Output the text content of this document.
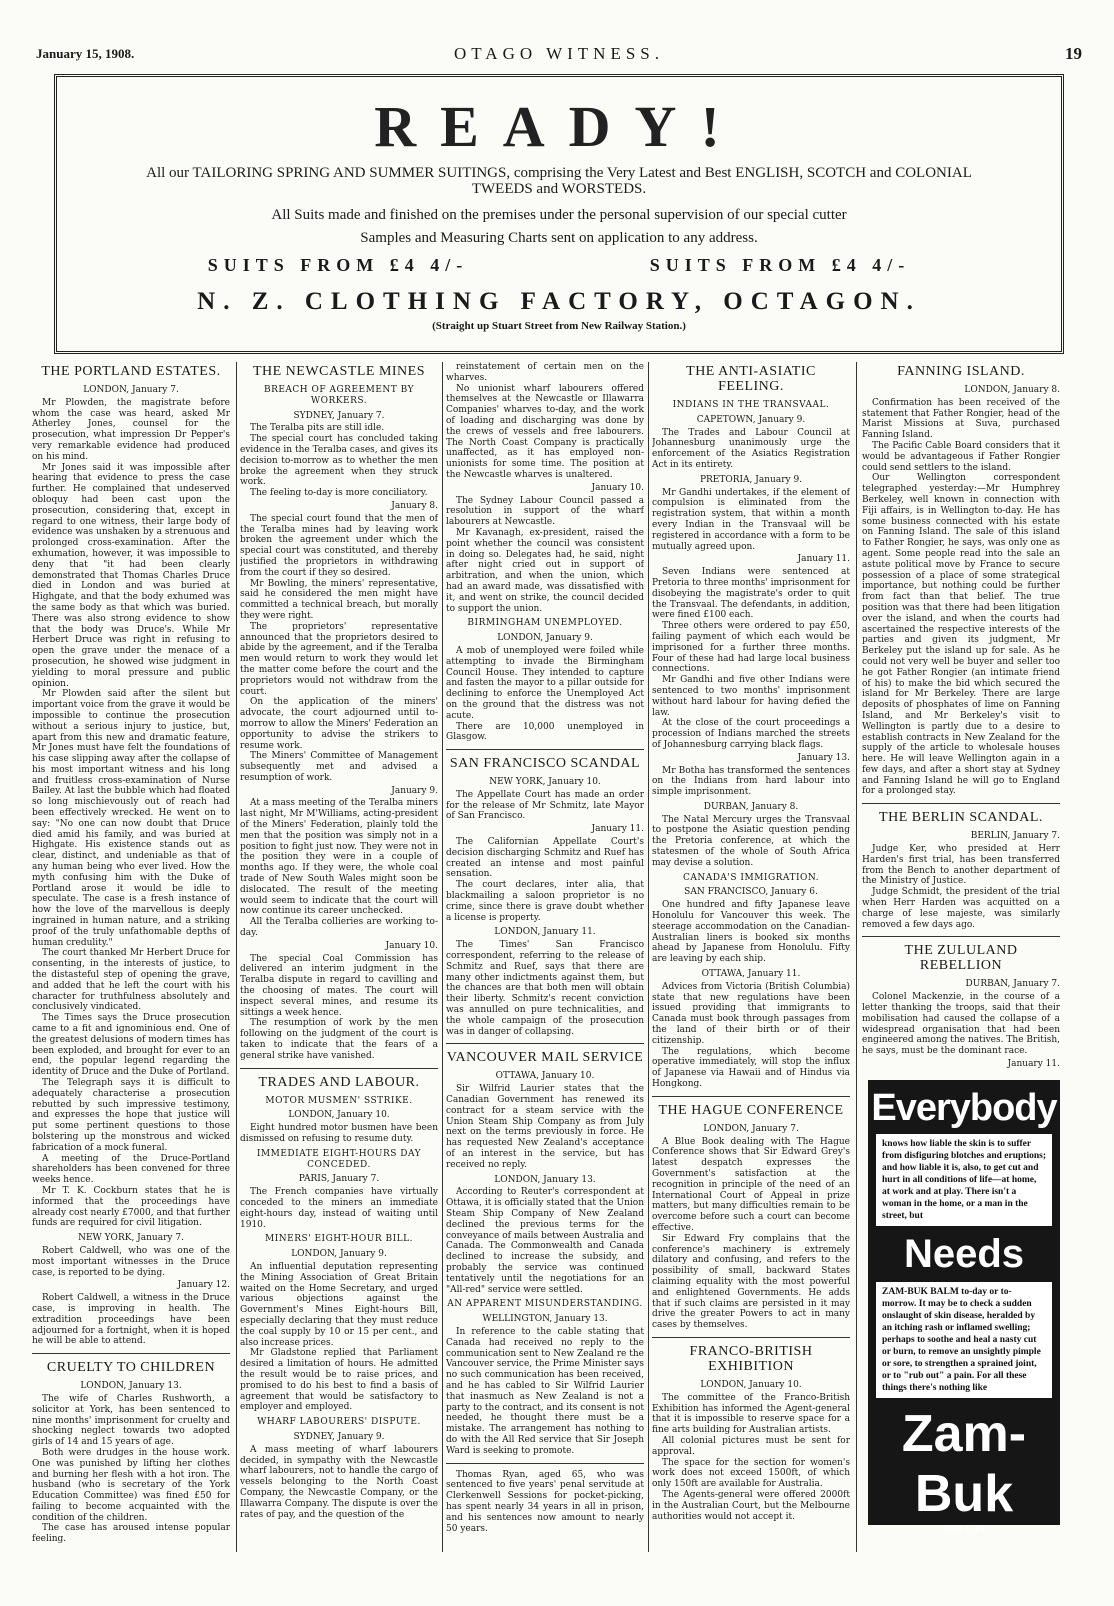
January 15, 1908.	OTAGO WITNESS.	19
READY!
All our TAILORING SPRING AND SUMMER SUITINGS, comprising the Very Latest and Best ENGLISH, SCOTCH and COLONIAL TWEEDS and WORSTEDS.
All Suits made and finished on the premises under the personal supervision of our special cutter
Samples and Measuring Charts sent on application to any address.
SUITS FROM £4 4/-	SUITS FROM £4 4/-
N. Z. CLOTHING FACTORY, OCTAGON.
(Straight up Stuart Street from New Railway Station.)
THE PORTLAND ESTATES.
LONDON, January 7.

Mr Plowden, the magistrate before whom the case was heard, asked Mr Atherley Jones, counsel for the prosecution, what impression Dr Pepper's very remarkable evidence had produced on his mind.

Mr Jones said it was impossible after hearing that evidence to press the case further. He complained that undeserved obloquy had been cast upon the prosecution, considering that, except in regard to one witness, their large body of evidence was unshaken by a strenuous and prolonged cross-examination. After the exhumation, however, it was impossible to deny that "it had been clearly demonstrated that Thomas Charles Druce died in London and was buried at Highgate, and that the body exhumed was the same body as that which was buried. There was also strong evidence to show that the body was Druce's. While Mr Herbert Druce was right in refusing to open the grave under the menace of a prosecution, he showed wise judgment in yielding to moral pressure and public opinion.

Mr Plowden said after the silent but important voice from the grave it would be impossible to continue the prosecution without a serious injury to justice, but, apart from this new and dramatic feature, Mr Jones must have felt the foundations of his case slipping away after the collapse of his most important witness and his long and fruitless cross-examination of Nurse Bailey. At last the bubble which had floated so long mischievously out of reach had been effectively wrecked. He went on to say: "No one can now doubt that Druce died amid his family, and was buried at Highgate. His existence stands out as clear, distinct, and undeniable as that of any human being who ever lived. How the myth confusing him with the Duke of Portland arose it would be idle to speculate. The case is a fresh instance of how the love of the marvellous is deeply ingrained in human nature, and a striking proof of the truly unfathomable depths of human credulity."

The court thanked Mr Herbert Druce for consenting, in the interests of justice, to the distasteful step of opening the grave, and added that he left the court with his character for truthfulness absolutely and conclusively vindicated.

The Times says the Druce prosecution came to a fit and ignominious end. One of the greatest delusions of modern times has been exploded, and brought for ever to an end, the popular legend regarding the identity of Druce and the Duke of Portland.

The Telegraph says it is difficult to adequately characterise a prosecution rebutted by such impressive testimony, and expresses the hope that justice will put some pertinent questions to those bolstering up the monstrous and wicked fabrication of a mock funeral.

A meeting of the Druce-Portland shareholders has been convened for three weeks hence.

Mr T. K. Cockburn states that he is informed that the proceedings have already cost nearly £7000, and that further funds are required for civil litigation.

NEW YORK, January 7.

Robert Caldwell, who was one of the most important witnesses in the Druce case, is reported to be dying.

January 12.

Robert Caldwell, a witness in the Druce case, is improving in health. The extradition proceedings have been adjourned for a fortnight, when it is hoped he will be able to attend.

CRUELTY TO CHILDREN
LONDON, January 13.

The wife of Charles Rushworth, a solicitor at York, has been sentenced to nine months' imprisonment for cruelty and shocking neglect towards two adopted girls of 14 and 15 years of age.

Both were drudges in the house work. One was punished by lifting her clothes and burning her flesh with a hot iron. The husband (who is secretary of the York Education Committee) was fined £50 for failing to become acquainted with the condition of the children.

The case has aroused intense popular feeling.

THE NEWCASTLE MINES
BREACH OF AGREEMENT BY WORKERS.
SYDNEY, January 7.

The Teralba pits are still idle.

The special court has concluded taking evidence in the Teralba cases, and gives its decision to-morrow as to whether the men broke the agreement when they struck work.

The feeling to-day is more conciliatory.

January 8.

The special court found that the men of the Teralba mines had by leaving work broken the agreement under which the special court was constituted, and thereby justified the proprietors in withdrawing from the court if they so desired.

Mr Bowling, the miners' representative, said he considered the men might have committed a technical breach, but morally they were right.

The proprietors' representative announced that the proprietors desired to abide by the agreement, and if the Teralba men would return to work they would let the matter come before the court and the proprietors would not withdraw from the court.

On the application of the miners' advocate, the court adjourned until to-morrow to allow the Miners' Federation an opportunity to advise the strikers to resume work.

The Miners' Committee of Management subsequently met and advised a resumption of work.

January 9.

At a mass meeting of the Teralba miners last night, Mr M'Williams, acting-president of the Miners' Federation, plainly told the men that the position was simply not in a position to fight just now. They were not in the position they were in a couple of months ago. If they were, the whole coal trade of New South Wales might soon be dislocated. The result of the meeting would seem to indicate that the court will now continue its career unchecked.

All the Teralba collieries are working to-day.

January 10.

The special Coal Commission has delivered an interim judgment in the Teralba dispute in regard to cavilling and the choosing of mates. The court will inspect several mines, and resume its sittings a week hence.

The resumption of work by the men following on the judgment of the court is taken to indicate that the fears of a general strike have vanished.

TRADES AND LABOUR.
MOTOR MUSMEN' SSTRIKE.
LONDON, January 10.

Eight hundred motor busmen have been dismissed on refusing to resume duty.

IMMEDIATE EIGHT-HOURS DAY CONCEDED.
PARIS, January 7.

The French companies have virtually conceded to the miners an immediate eight-hours day, instead of waiting until 1910.

MINERS' EIGHT-HOUR BILL.
LONDON, January 9.

An influential deputation representing the Mining Association of Great Britain waited on the Home Secretary, and urged various objections against the Government's Mines Eight-hours Bill, especially declaring that they must reduce the coal supply by 10 or 15 per cent., and also increase prices.

Mr Gladstone replied that Parliament desired a limitation of hours. He admitted the result would be to raise prices, and promised to do his best to find a basis of agreement that would be satisfactory to employer and employed.

WHARF LABOURERS' DISPUTE.
SYDNEY, January 9.

A mass meeting of wharf labourers decided, in sympathy with the Newcastle wharf labourers, not to handle the cargo of vessels belonging to the North Coast Company, the Newcastle Company, or the Illawarra Company. The dispute is over the rates of pay, and the question of the

reinstatement of certain men on the wharves.

No unionist wharf labourers offered themselves at the Newcastle or Illawarra Companies' wharves to-day, and the work of loading and discharging was done by the crews of vessels and free labourers. The North Coast Company is practically unaffected, as it has employed non-unionists for some time. The position at the Newcastle wharves is unaltered.

January 10.

The Sydney Labour Council passed a resolution in support of the wharf labourers at Newcastle.

Mr Kavanagh, ex-president, raised the point whether the council was consistent in doing so. Delegates had, he said, night after night cried out in support of arbitration, and when the union, which had an award made, was dissatisfied with it, and went on strike, the council decided to support the union.

BIRMINGHAM UNEMPLOYED.
LONDON, January 9.

A mob of unemployed were foiled while attempting to invade the Birmingham Council House. They intended to capture and fasten the mayor to a pillar outside for declining to enforce the Unemployed Act on the ground that the distress was not acute.

There are 10,000 unemployed in Glasgow.

SAN FRANCISCO SCANDAL
NEW YORK, January 10.

The Appellate Court has made an order for the release of Mr Schmitz, late Mayor of San Francisco.

January 11.

The Californian Appellate Court's decision discharging Schmitz and Ruef has created an intense and most painful sensation.

The court declares, inter alia, that blackmailing a saloon proprietor is no crime, since there is grave doubt whether a license is property.

LONDON, January 11.

The Times' San Francisco correspondent, referring to the release of Schmitz and Ruef, says that there are many other indictments against them, but the chances are that both men will obtain their liberty. Schmitz's recent conviction was annulled on pure technicalities, and the whole campaign of the prosecution was in danger of collapsing.

VANCOUVER MAIL SERVICE
OTTAWA, January 10.

Sir Wilfrid Laurier states that the Canadian Government has renewed its contract for a steam service with the Union Steam Ship Company as from July next on the terms previously in force. He has requested New Zealand's acceptance of an interest in the service, but has received no reply.

LONDON, January 13.

According to Reuter's correspondent at Ottawa, it is officially stated that the Union Steam Ship Company of New Zealand declined the previous terms for the conveyance of mails between Australia and Canada. The Commonwealth and Canada declined to increase the subsidy, and probably the service was continued tentatively until the negotiations for an "All-red" service were settled.

AN APPARENT MISUNDERSTANDING.
WELLINGTON, January 13.

In reference to the cable stating that Canada had received no reply to the communication sent to New Zealand re the Vancouver service, the Prime Minister says no such communication has been received, and he has cabled to Sir Wilfrid Laurier that inasmuch as New Zealand is not a party to the contract, and its consent is not needed, he thought there must be a mistake. The arrangement has nothing to do with the All Red service that Sir Joseph Ward is seeking to promote.

Thomas Ryan, aged 65, who was sentenced to five years' penal servitude at Clerkenwell Sessions for pocket-picking, has spent nearly 34 years in all in prison, and his sentences now amount to nearly 50 years.

THE ANTI-ASIATIC FEELING.
INDIANS IN THE TRANSVAAL.
CAPETOWN, January 9.

The Trades and Labour Council at Johannesburg unanimously urge the enforcement of the Asiatics Registration Act in its entirety.

PRETORIA, January 9.

Mr Gandhi undertakes, if the element of compulsion is eliminated from the registration system, that within a month every Indian in the Transvaal will be registered in accordance with a form to be mutually agreed upon.

January 11.

Seven Indians were sentenced at Pretoria to three months' imprisonment for disobeying the magistrate's order to quit the Transvaal. The defendants, in addition, were fined £100 each.

Three others were ordered to pay £50, failing payment of which each would be imprisoned for a further three months. Four of these had had large local business connections.

Mr Gandhi and five other Indians were sentenced to two months' imprisonment without hard labour for having defied the law.

At the close of the court proceedings a procession of Indians marched the streets of Johannesburg carrying black flags.

January 13.

Mr Botha has transformed the sentences on the Indians from hard labour into simple imprisonment.

DURBAN, January 8.

The Natal Mercury urges the Transvaal to postpone the Asiatic question pending the Pretoria conference, at which the statesmen of the whole of South Africa may devise a solution.

CANADA'S IMMIGRATION.
SAN FRANCISCO, January 6.

One hundred and fifty Japanese leave Honolulu for Vancouver this week. The steerage accommodation on the Canadian-Australian liners is booked six months ahead by Japanese from Honolulu. Fifty are leaving by each ship.

OTTAWA, January 11.

Advices from Victoria (British Columbia) state that new regulations have been issued providing that immigrants to Canada must book through passages from the land of their birth or of their citizenship.

The regulations, which become operative immediately, will stop the influx of Japanese via Hawaii and of Hindus via Hongkong.

THE HAGUE CONFERENCE
LONDON, January 7.

A Blue Book dealing with The Hague Conference shows that Sir Edward Grey's latest despatch expresses the Government's satisfaction at the recognition in principle of the need of an International Court of Appeal in prize matters, but many difficulties remain to be overcome before such a court can become effective.

Sir Edward Fry complains that the conference's machinery is extremely dilatory and confusing, and refers to the possibility of small, backward States claiming equality with the most powerful and enlightened Governments. He adds that if such claims are persisted in it may drive the greater Powers to act in many cases by themselves.

FRANCO-BRITISH EXHIBITION
LONDON, January 10.

The committee of the Franco-British Exhibition has informed the Agent-general that it is impossible to reserve space for a fine arts building for Australian artists.

All colonial pictures must be sent for approval.

The space for the section for women's work does not exceed 1500ft, of which only 150ft are available for Australia.

The Agents-general were offered 2000ft in the Australian Court, but the Melbourne authorities would not accept it.

FANNING ISLAND.
LONDON, January 8.

Confirmation has been received of the statement that Father Rongier, head of the Marist Missions at Suva, purchased Fanning Island.

The Pacific Cable Board considers that it would be advantageous if Father Rongier could send settlers to the island.

Our Wellington correspondent telegraphed yesterday:—Mr Humphrey Berkeley, well known in connection with Fiji affairs, is in Wellington to-day. He has some business connected with his estate on Fanning Island. The sale of this island to Father Rongier, he says, was only one as agent. Some people read into the sale an astute political move by France to secure possession of a place of some strategical importance, but nothing could be further from fact than that belief. The true position was that there had been litigation over the island, and when the courts had ascertained the respective interests of the parties and given its judgment, Mr Berkeley put the island up for sale. As he could not very well be buyer and seller too he got Father Rongier (an intimate friend of his) to make the bid which secured the island for Mr Berkeley. There are large deposits of phosphates of lime on Fanning Island, and Mr Berkeley's visit to Wellington is partly due to a desire to establish contracts in New Zealand for the supply of the article to wholesale houses here. He will leave Wellington again in a few days, and after a short stay at Sydney and Fanning Island he will go to England for a prolonged stay.

THE BERLIN SCANDAL.
BERLIN, January 7.

Judge Ker, who presided at Herr Harden's first trial, has been transferred from the Bench to another department of the Ministry of Justice.

Judge Schmidt, the president of the trial when Herr Harden was acquitted on a charge of lese majeste, was similarly removed a few days ago.

THE ZULULAND REBELLION
DURBAN, January 7.

Colonel Mackenzie, in the course of a letter thanking the troops, said that their mobilisation had caused the collapse of a widespread organisation that had been engineered among the natives. The British, he says, must be the dominant race.

January 11.

Everybody
knows how liable the skin is to suffer from disfiguring blotches and eruptions; and how liable it is, also, to get cut and hurt in all conditions of life—at home, at work and at play. There isn't a woman in the home, or a man in the street, but
Needs
ZAM-BUK BALM to-day or to-morrow. It may be to check a sudden onslaught of skin disease, heralded by an itching rash or inflamed swelling; perhaps to soothe and heal a nasty cut or burn, to remove an unsightly pimple or sore, to strengthen a sprained joint, or to "rub out" a pain. For all these things there's nothing like
Zam-Buk
"RUB IT IN"
